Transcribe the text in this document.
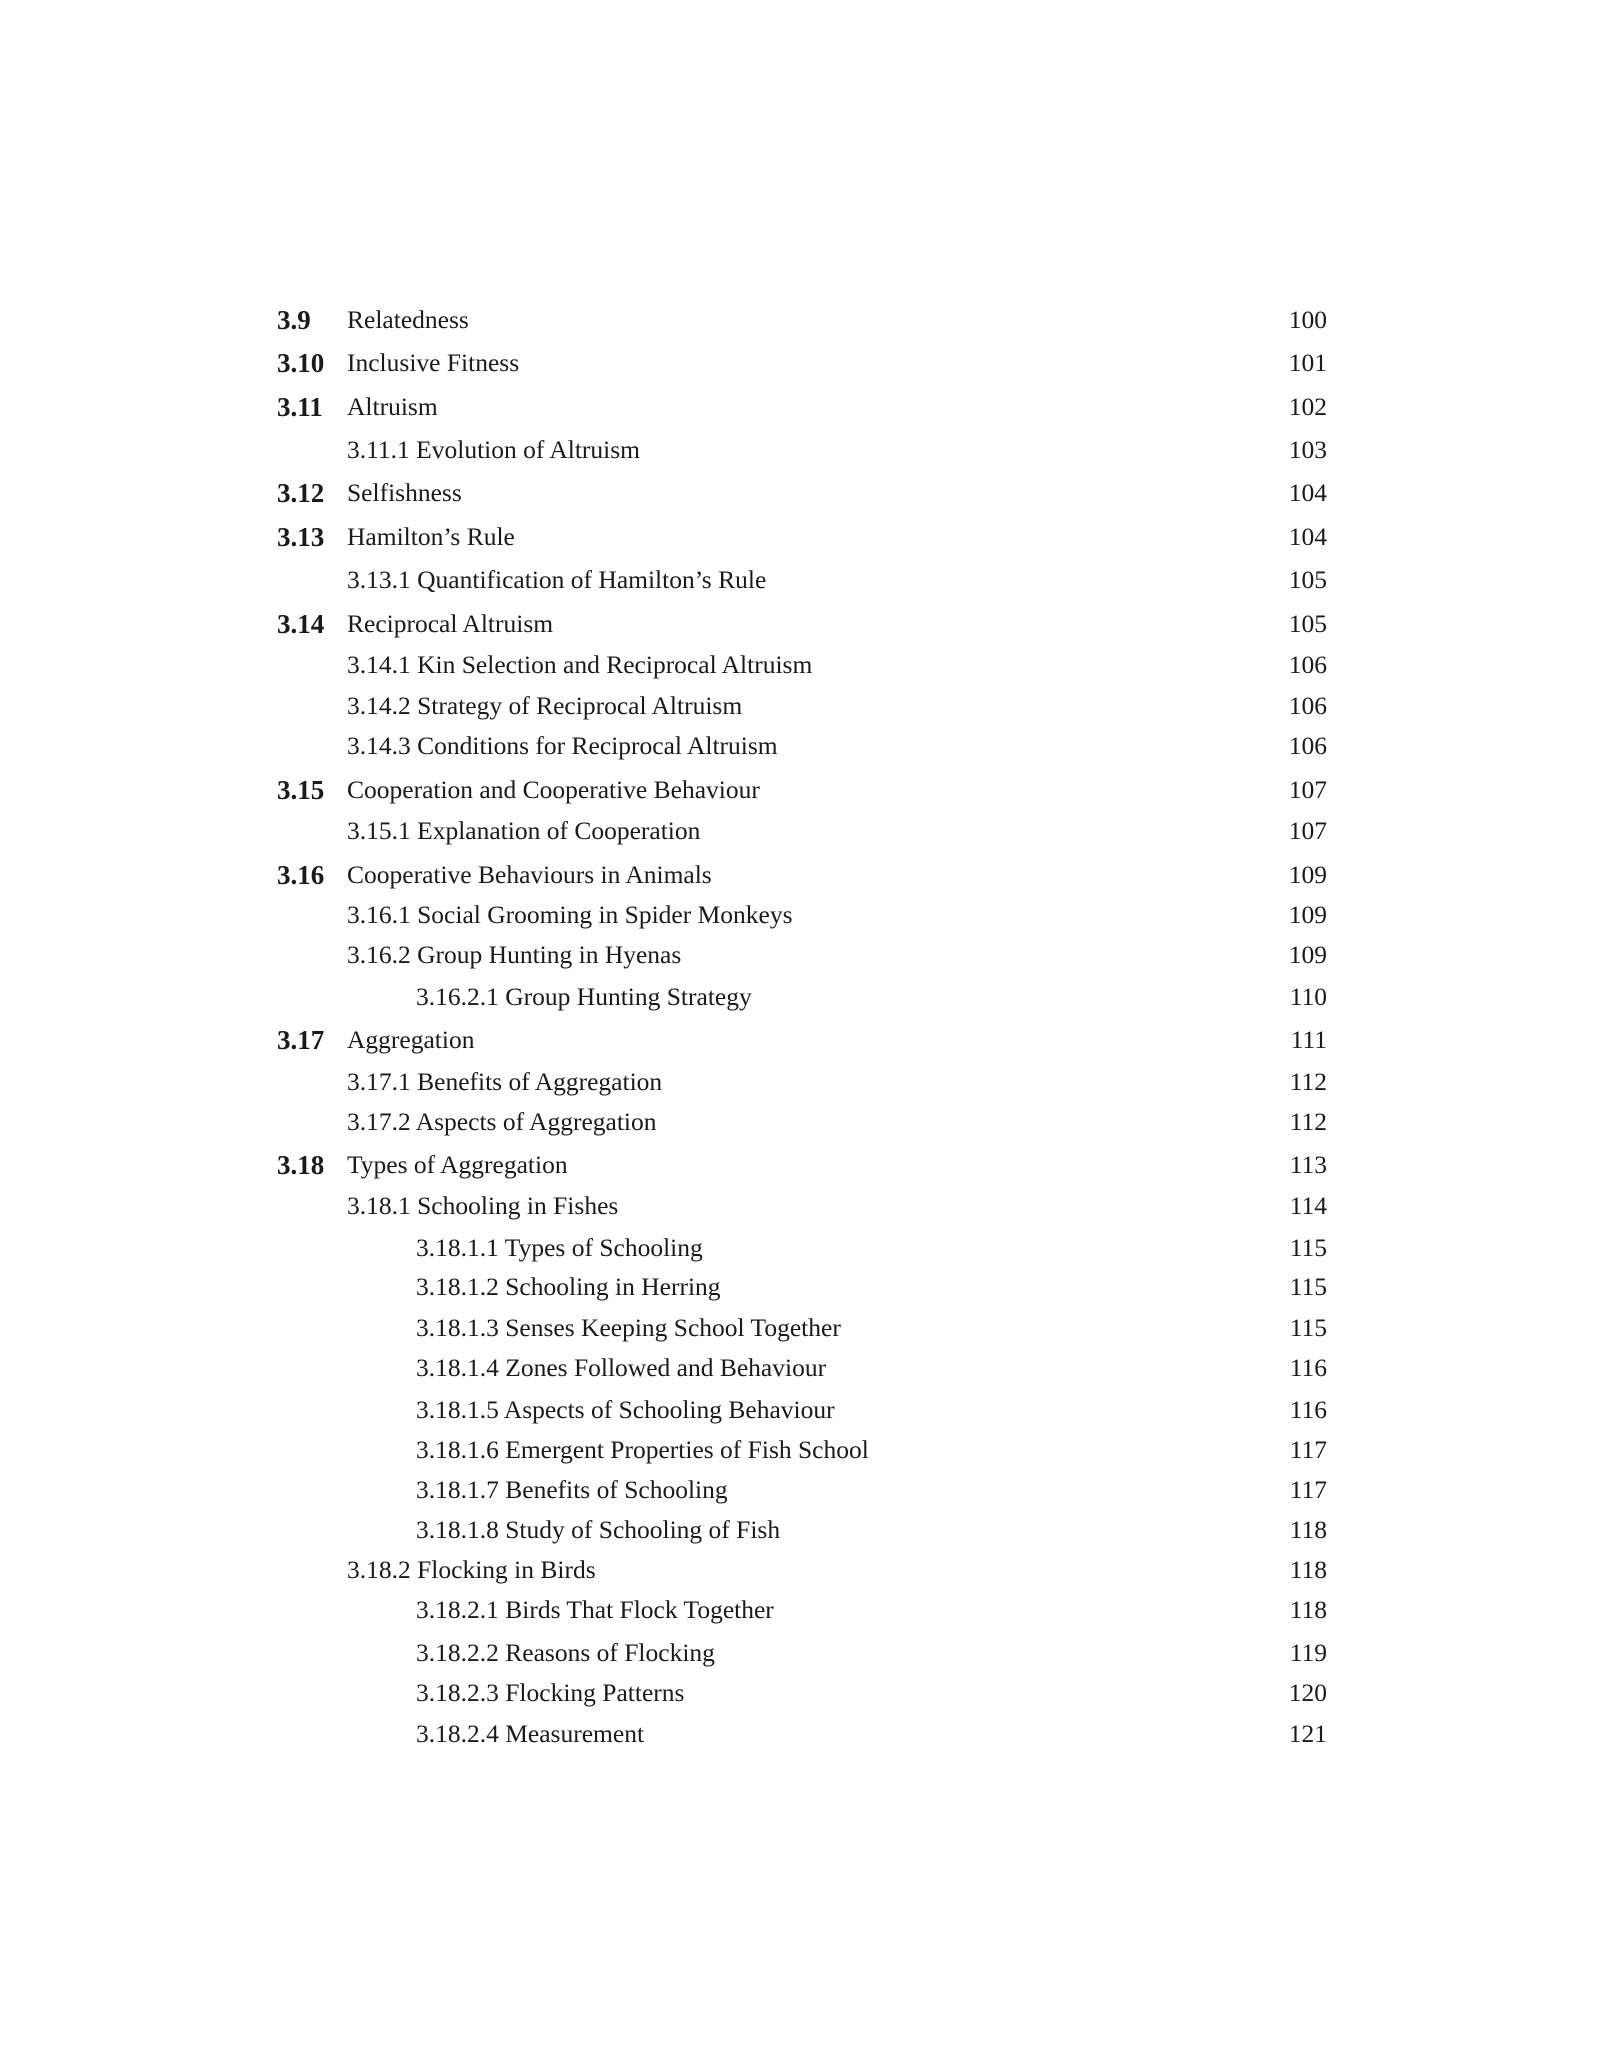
3.9 Relatedness	100
3.10 Inclusive Fitness	101
3.11 Altruism	102
3.11.1 Evolution of Altruism	103
3.12 Selfishness	104
3.13 Hamilton’s Rule	104
3.13.1 Quantification of Hamilton’s Rule	105
3.14 Reciprocal Altruism	105
3.14.1 Kin Selection and Reciprocal Altruism	106
3.14.2 Strategy of Reciprocal Altruism	106
3.14.3 Conditions for Reciprocal Altruism	106
3.15 Cooperation and Cooperative Behaviour	107
3.15.1 Explanation of Cooperation	107
3.16 Cooperative Behaviours in Animals	109
3.16.1 Social Grooming in Spider Monkeys	109
3.16.2 Group Hunting in Hyenas	109
3.16.2.1 Group Hunting Strategy	110
3.17 Aggregation	111
3.17.1 Benefits of Aggregation	112
3.17.2 Aspects of Aggregation	112
3.18 Types of Aggregation	113
3.18.1 Schooling in Fishes	114
3.18.1.1 Types of Schooling	115
3.18.1.2 Schooling in Herring	115
3.18.1.3 Senses Keeping School Together	115
3.18.1.4 Zones Followed and Behaviour	116
3.18.1.5 Aspects of Schooling Behaviour	116
3.18.1.6 Emergent Properties of Fish School	117
3.18.1.7 Benefits of Schooling	117
3.18.1.8 Study of Schooling of Fish	118
3.18.2 Flocking in Birds	118
3.18.2.1 Birds That Flock Together	118
3.18.2.2 Reasons of Flocking	119
3.18.2.3 Flocking Patterns	120
3.18.2.4 Measurement	121
